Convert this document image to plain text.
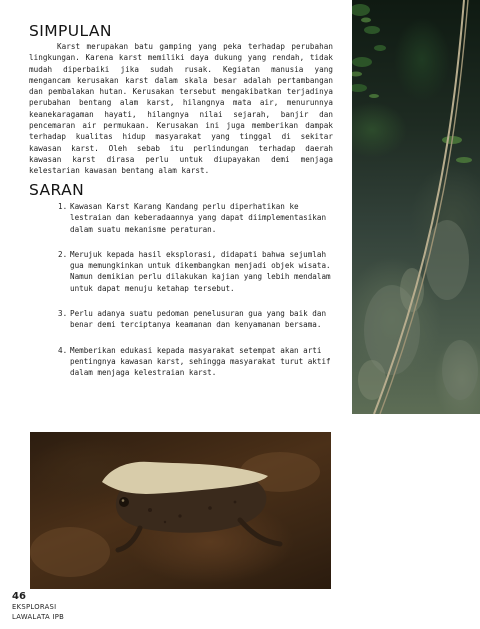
SIMPULAN

Karst merupakan batu gamping yang peka terhadap perubahan lingkungan. Karena karst memiliki daya dukung yang rendah, tidak mudah diperbaiki jika sudah rusak. Kegiatan manusia yang mengancam kerusakan karst dalam skala besar adalah pertambangan dan pembalakan hutan. Kerusakan tersebut mengakibatkan terjadinya perubahan bentang alam karst, hilangnya mata air, menurunnya keanekaragaman hayati, hilangnya nilai sejarah, banjir dan pencemaran air permukaan. Kerusakan ini juga memberikan dampak terhadap kualitas hidup masyarakat yang tinggal di sekitar kawasan karst. Oleh sebab itu perlindungan terhadap daerah kawasan karst dirasa perlu untuk diupayakan demi menjaga kelestarian kawasan bentang alam karst.

SARAN
1. Kawasan Karst Karang Kandang perlu diperhatikan ke lestraian dan keberadaannya yang dapat diimplementasikan dalam suatu mekanisme peraturan.
2. Merujuk kepada hasil eksplorasi, didapati bahwa sejumlah gua memungkinkan untuk dikembangkan menjadi objek wisata. Namun demikian perlu dilakukan kajian yang lebih mendalam untuk dapat menuju ketahap tersebut.
3. Perlu adanya suatu pedoman penelusuran gua yang baik dan benar demi terciptanya keamanan dan kenyamanan bersama.
4. Memberikan edukasi kepada masyarakat setempat akan arti pentingnya kawasan karst, sehingga masyarakat turut aktif dalam menjaga kelestraian karst.
46
EKSPLORASI
LAWALATA IPB
